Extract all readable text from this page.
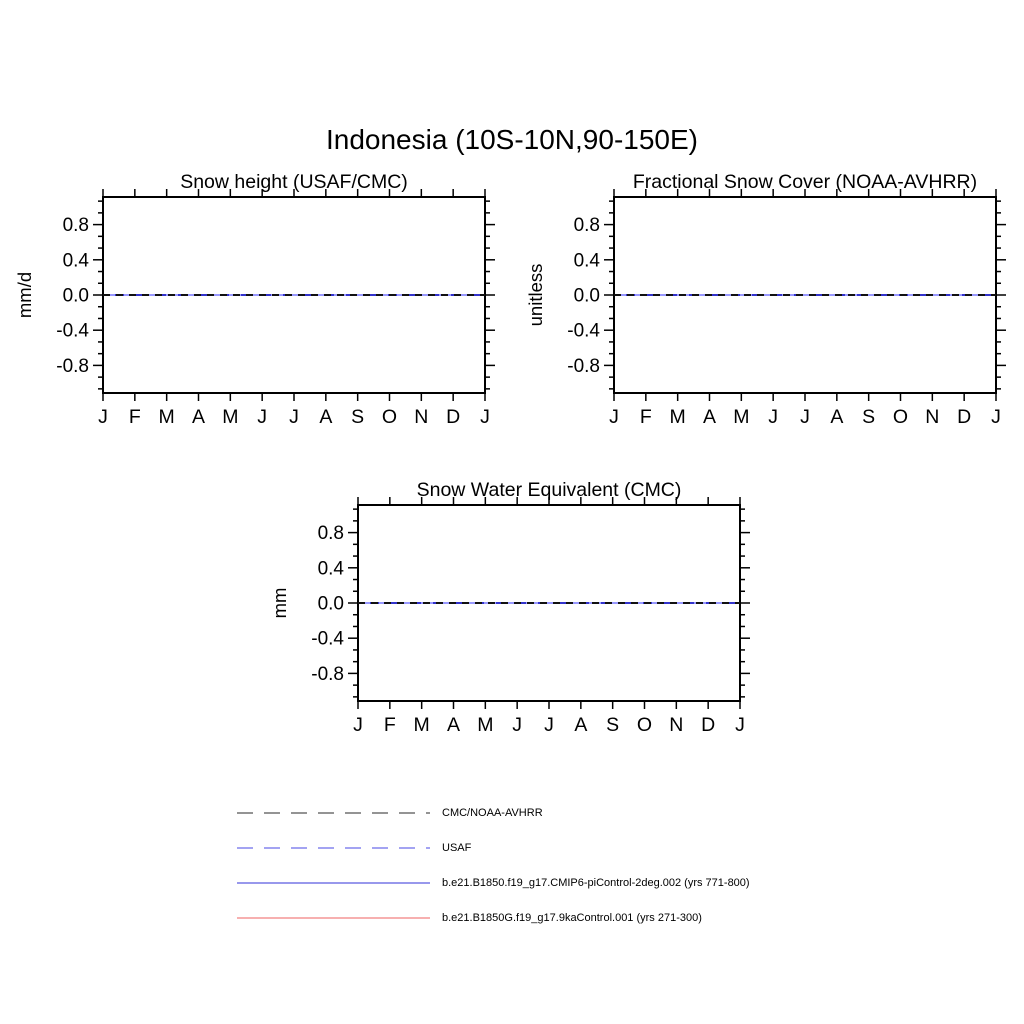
Indonesia (10S-10N,90-150E)
Snow height (USAF/CMC)
-0.8
-0.4
0.0
0.4
0.8
J F M A M J J A S O N D J
mm/d
Fractional Snow Cover (NOAA-AVHRR)
-0.8
-0.4
0.0
0.4
0.8
J F M A M J J A S O N D J
unitless
Snow Water Equivalent (CMC)
-0.8
-0.4
0.0
0.4
0.8
J F M A M J J A S O N D J
mm
CMC/NOAA-AVHRR
USAF
b.e21.B1850.f19_g17.CMIP6-piControl-2deg.002 (yrs 771-800)
b.e21.B1850G.f19_g17.9kaControl.001 (yrs 271-300)
